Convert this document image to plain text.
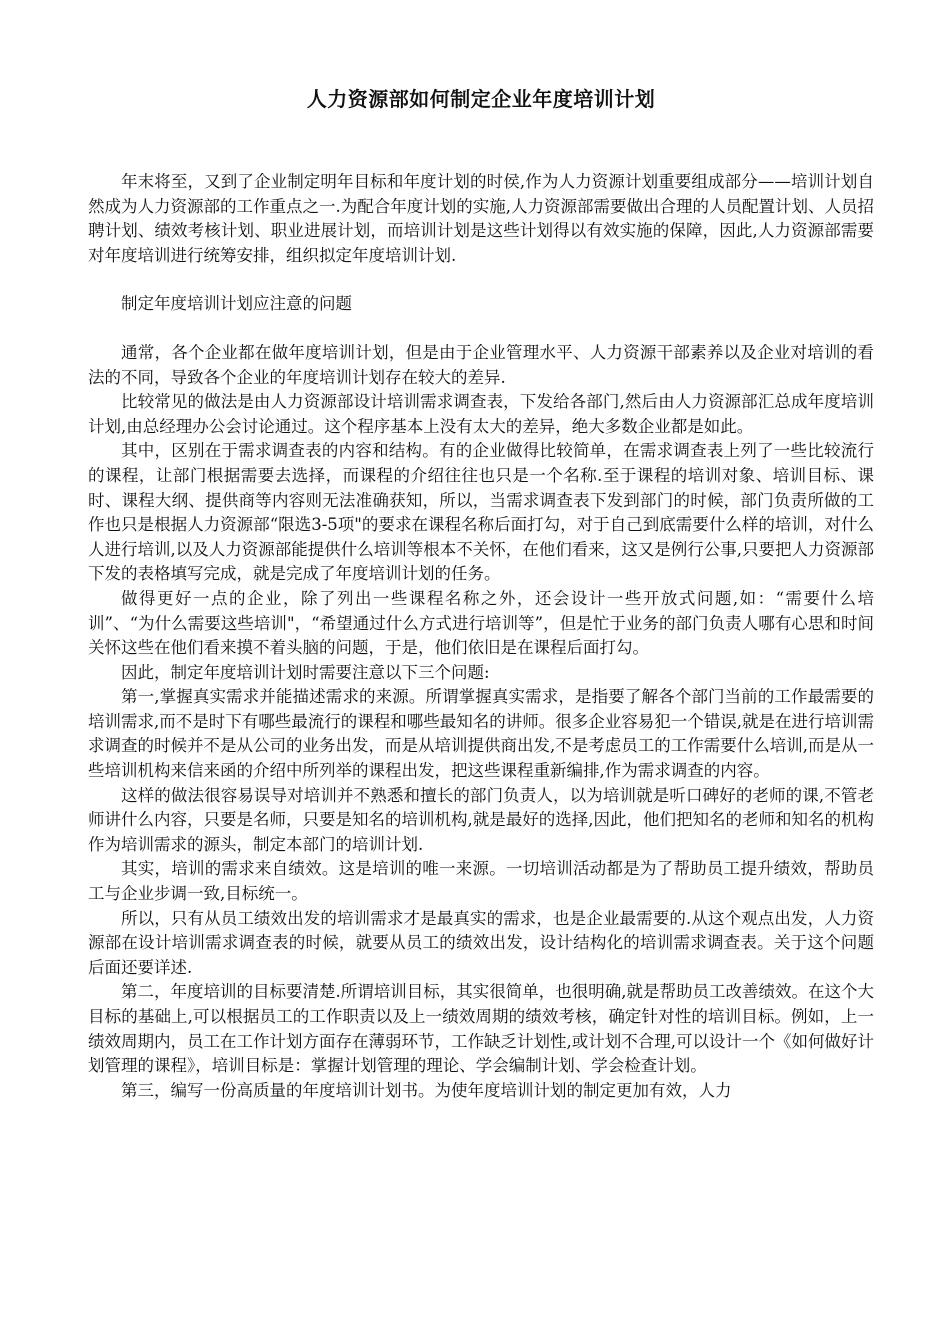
人力资源部如何制定企业年度培训计划

年末将至，又到了企业制定明年目标和年度计划的时侯,作为人力资源计划重要组成部分——培训计划自然成为人力资源部的工作重点之一.为配合年度计划的实施,人力资源部需要做出合理的人员配置计划、人员招聘计划、绩效考核计划、职业进展计划，而培训计划是这些计划得以有效实施的保障，因此,人力资源部需要对年度培训进行统筹安排，组织拟定年度培训计划.

制定年度培训计划应注意的问题

通常，各个企业都在做年度培训计划，但是由于企业管理水平、人力资源干部素养以及企业对培训的看法的不同，导致各个企业的年度培训计划存在较大的差异.

比较常见的做法是由人力资源部设计培训需求调查表，下发给各部门,然后由人力资源部汇总成年度培训计划,由总经理办公会讨论通过。这个程序基本上没有太大的差异，绝大多数企业都是如此。

其中，区别在于需求调查表的内容和结构。有的企业做得比较简单，在需求调查表上列了一些比较流行的课程，让部门根据需要去选择，而课程的介绍往往也只是一个名称.至于课程的培训对象、培训目标、课时、课程大纲、提供商等内容则无法准确获知，所以，当需求调查表下发到部门的时候，部门负责所做的工作也只是根据人力资源部“限选3-5项"的要求在课程名称后面打勾，对于自己到底需要什么样的培训，对什么人进行培训,以及人力资源部能提供什么培训等根本不关怀，在他们看来，这又是例行公事,只要把人力资源部下发的表格填写完成，就是完成了年度培训计划的任务。

做得更好一点的企业，除了列出一些课程名称之外，还会设计一些开放式问题,如：“需要什么培训”、“为什么需要这些培训"，“希望通过什么方式进行培训等”，但是忙于业务的部门负责人哪有心思和时间关怀这些在他们看来摸不着头脑的问题，于是，他们依旧是在课程后面打勾。

因此，制定年度培训计划时需要注意以下三个问题:

第一,掌握真实需求并能描述需求的来源。所谓掌握真实需求，是指要了解各个部门当前的工作最需要的培训需求,而不是时下有哪些最流行的课程和哪些最知名的讲师。很多企业容易犯一个错误,就是在进行培训需求调查的时候并不是从公司的业务出发，而是从培训提供商出发,不是考虑员工的工作需要什么培训,而是从一些培训机构来信来函的介绍中所列举的课程出发，把这些课程重新编排,作为需求调查的内容。

这样的做法很容易误导对培训并不熟悉和擅长的部门负责人，以为培训就是听口碑好的老师的课,不管老师讲什么内容，只要是名师，只要是知名的培训机构,就是最好的选择,因此，他们把知名的老师和知名的机构作为培训需求的源头，制定本部门的培训计划.

其实，培训的需求来自绩效。这是培训的唯一来源。一切培训活动都是为了帮助员工提升绩效，帮助员工与企业步调一致,目标统一。

所以，只有从员工绩效出发的培训需求才是最真实的需求，也是企业最需要的.从这个观点出发，人力资源部在设计培训需求调查表的时候，就要从员工的绩效出发，设计结构化的培训需求调查表。关于这个问题后面还要详述.

第二，年度培训的目标要清楚.所谓培训目标，其实很简单，也很明确,就是帮助员工改善绩效。在这个大目标的基础上,可以根据员工的工作职责以及上一绩效周期的绩效考核，确定针对性的培训目标。例如，上一绩效周期内，员工在工作计划方面存在薄弱环节，工作缺乏计划性,或计划不合理,可以设计一个《如何做好计划管理的课程》，培训目标是：掌握计划管理的理论、学会编制计划、学会检查计划。

第三，编写一份高质量的年度培训计划书。为使年度培训计划的制定更加有效，人力
